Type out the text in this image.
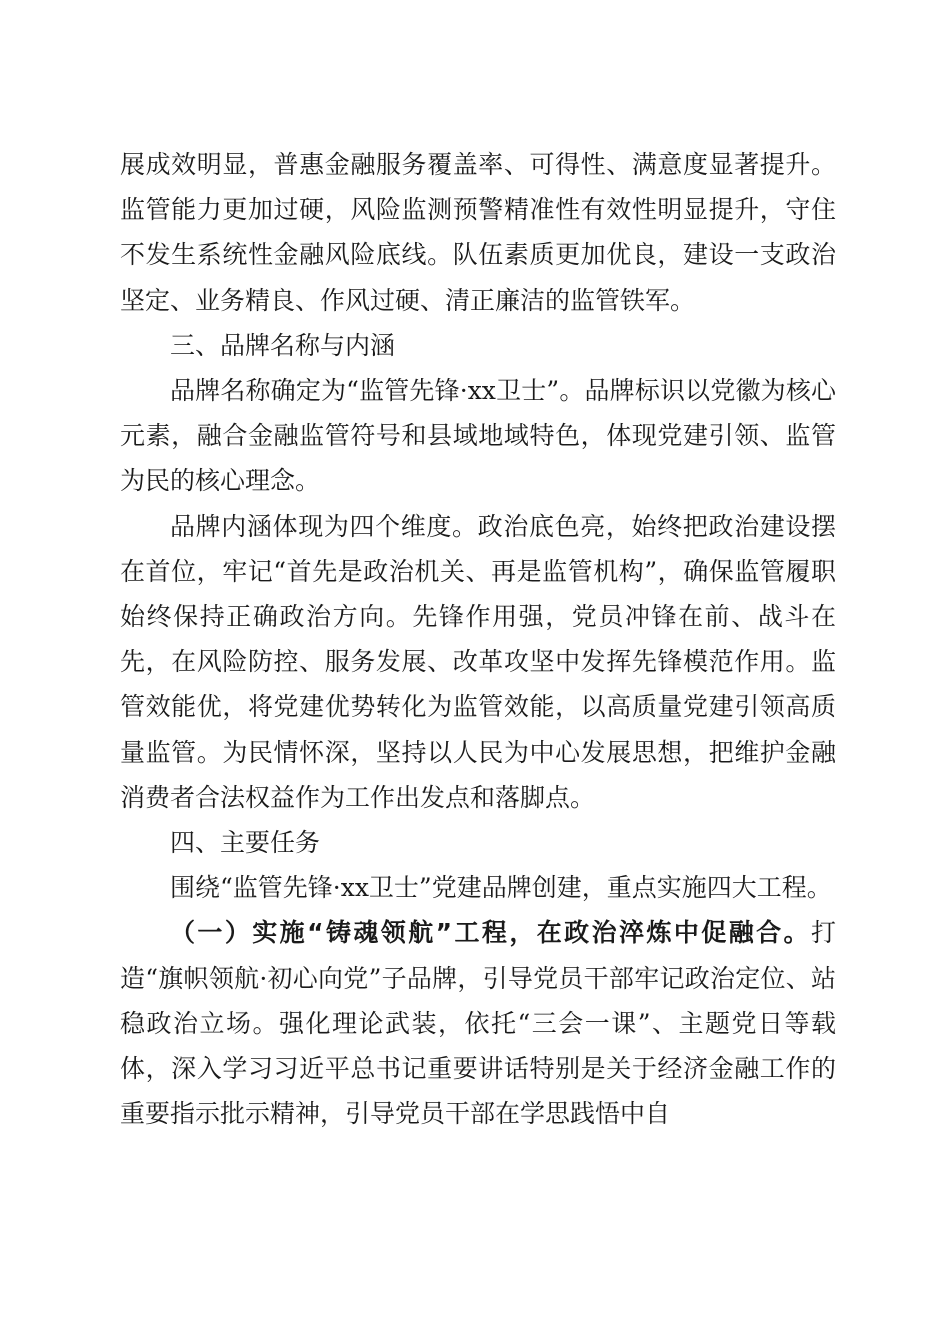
展成效明显，普惠金融服务覆盖率、可得性、满意度显著提升。监管能力更加过硬，风险监测预警精准性有效性明显提升，守住不发生系统性金融风险底线。队伍素质更加优良，建设一支政治坚定、业务精良、作风过硬、清正廉洁的监管铁军。

三、品牌名称与内涵

品牌名称确定为“监管先锋·xx卫士”。品牌标识以党徽为核心元素，融合金融监管符号和县域地域特色，体现党建引领、监管为民的核心理念。

品牌内涵体现为四个维度。政治底色亮，始终把政治建设摆在首位，牢记“首先是政治机关、再是监管机构”，确保监管履职始终保持正确政治方向。先锋作用强，党员冲锋在前、战斗在先，在风险防控、服务发展、改革攻坚中发挥先锋模范作用。监管效能优，将党建优势转化为监管效能，以高质量党建引领高质量监管。为民情怀深，坚持以人民为中心发展思想，把维护金融消费者合法权益作为工作出发点和落脚点。

四、主要任务

围绕“监管先锋·xx卫士”党建品牌创建，重点实施四大工程。

（一）实施“铸魂领航”工程，在政治淬炼中促融合。打造“旗帜领航·初心向党”子品牌，引导党员干部牢记政治定位、站稳政治立场。强化理论武装，依托“三会一课”、主题党日等载体，深入学习习近平总书记重要讲话特别是关于经济金融工作的重要指示批示精神，引导党员干部在学思践悟中自
